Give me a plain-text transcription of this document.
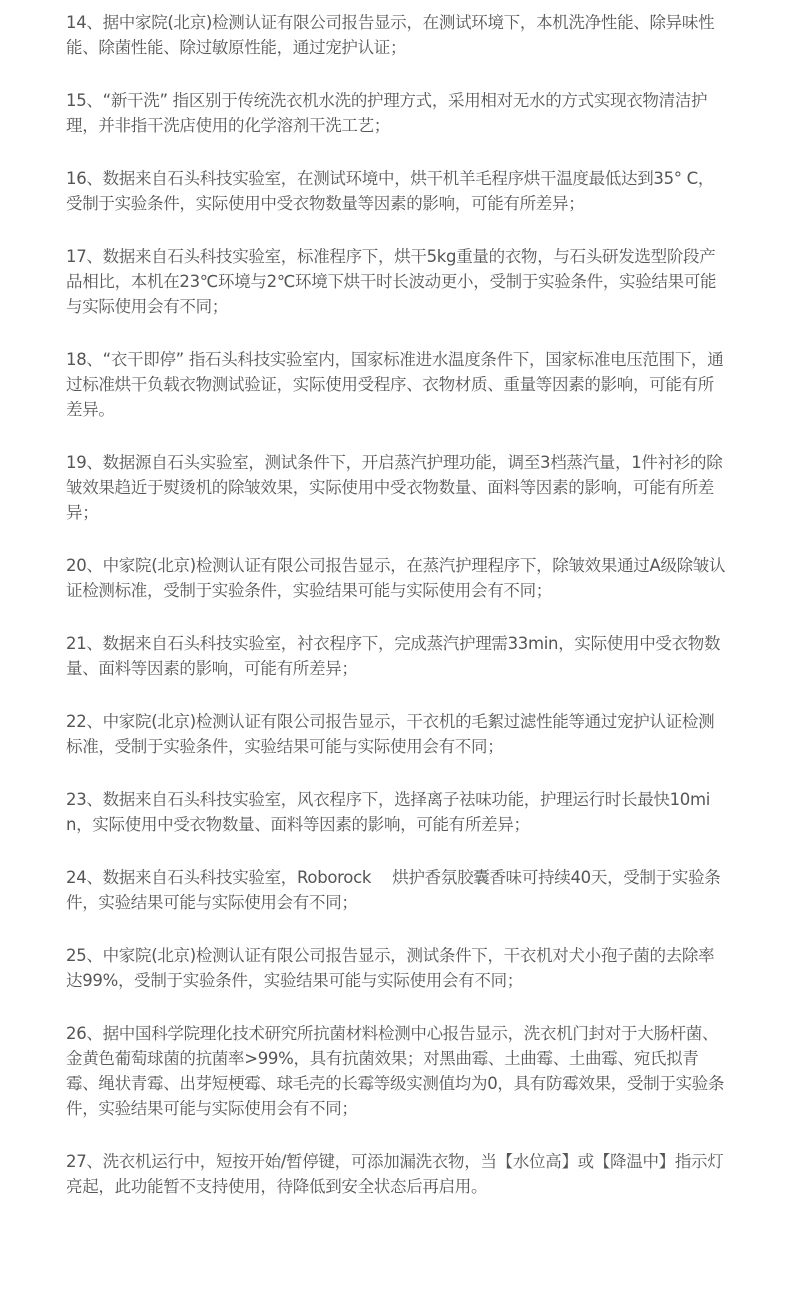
14、据中家院(北京)检测认证有限公司报告显示，在测试环境下，本机洗净性能、除异味性能、除菌性能、除过敏原性能，通过宠护认证；
15、“新干洗” 指区别于传统洗衣机水洗的护理方式，采用相对无水的方式实现衣物清洁护理，并非指干洗店使用的化学溶剂干洗工艺；
16、数据来自石头科技实验室，在测试环境中，烘干机羊毛程序烘干温度最低达到35° C，受制于实验条件，实际使用中受衣物数量等因素的影响，可能有所差异；
17、数据来自石头科技实验室，标准程序下，烘干5kg重量的衣物，与石头研发选型阶段产品相比，本机在23℃环境与2℃环境下烘干时长波动更小，受制于实验条件，实验结果可能与实际使用会有不同；
18、“衣干即停” 指石头科技实验室内，国家标准进水温度条件下，国家标准电压范围下，通过标准烘干负载衣物测试验证，实际使用受程序、衣物材质、重量等因素的影响，可能有所差异。
19、数据源自石头实验室，测试条件下，开启蒸汽护理功能，调至3档蒸汽量，1件衬衫的除皱效果趋近于熨烫机的除皱效果，实际使用中受衣物数量、面料等因素的影响，可能有所差异；
20、中家院(北京)检测认证有限公司报告显示，在蒸汽护理程序下，除皱效果通过A级除皱认证检测标准，受制于实验条件，实验结果可能与实际使用会有不同；
21、数据来自石头科技实验室，衬衣程序下，完成蒸汽护理需33min，实际使用中受衣物数量、面料等因素的影响，可能有所差异；
22、中家院(北京)检测认证有限公司报告显示，干衣机的毛絮过滤性能等通过宠护认证检测标准，受制于实验条件，实验结果可能与实际使用会有不同；
23、数据来自石头科技实验室，风衣程序下，选择离子祛味功能，护理运行时长最快10min，实际使用中受衣物数量、面料等因素的影响，可能有所差异；
24、数据来自石头科技实验室，Roborock　 烘护香氛胶囊香味可持续40天，受制于实验条件，实验结果可能与实际使用会有不同；
25、中家院(北京)检测认证有限公司报告显示，测试条件下，干衣机对犬小孢子菌的去除率达99%，受制于实验条件，实验结果可能与实际使用会有不同；
26、据中国科学院理化技术研究所抗菌材料检测中心报告显示，洗衣机门封对于大肠杆菌、金黄色葡萄球菌的抗菌率>99%，具有抗菌效果；对黑曲霉、土曲霉、土曲霉、宛氏拟青霉、绳状青霉、出芽短梗霉、球毛壳的长霉等级实测值均为0，具有防霉效果，受制于实验条件，实验结果可能与实际使用会有不同；
27、洗衣机运行中，短按开始/暂停键，可添加漏洗衣物，当【水位高】或【降温中】指示灯亮起，此功能暂不支持使用，待降低到安全状态后再启用。
